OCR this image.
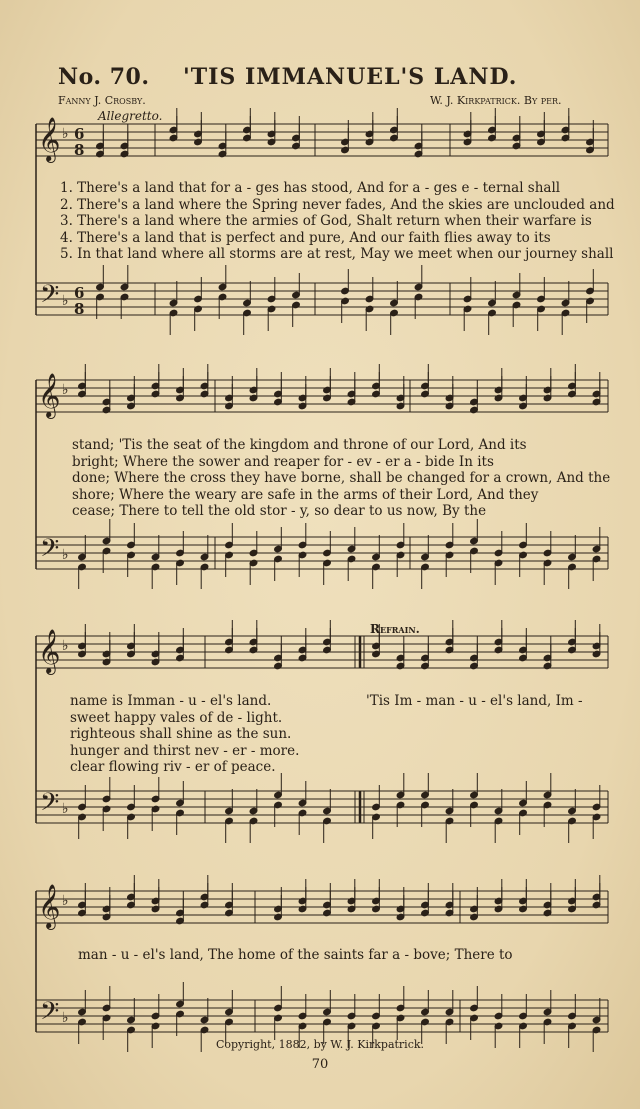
𝄞
𝄢
♭
♭
6
8
6
8
𝄞
𝄢
♭
♭
𝄞
𝄢
♭
♭
𝄞
𝄢
♭
♭
No. 70. 'TIS IMMANUEL'S LAND.
Fanny J. Crosby.	W. J. Kirkpatrick. By per.
Allegretto.
1. There's a land that for a - ges has stood, And for a - ges e - ternal shall
2. There's a land where the Spring never fades, And the skies are unclouded and
3. There's a land where the armies of God, Shalt return when their warfare is
4. There's a land that is perfect and pure, And our faith flies away to its
5. In that land where all storms are at rest, May we meet when our journey shall
stand; 'Tis the seat of the kingdom and throne of our Lord, And its
bright; Where the sower and reaper for - ev - er a - bide In its
done; Where the cross they have borne, shall be changed for a crown, And the
shore; Where the weary are safe in the arms of their Lord, And they
cease; There to tell the old stor - y, so dear to us now, By the
name is Imman - u - el's land.
sweet happy vales of de - light.
righteous shall shine as the sun.
hunger and thirst nev - er - more.
clear flowing riv - er of peace.
Refrain.
'Tis Im - man - u - el's land, Im -
man - u - el's land, The home of the saints far a - bove; There to
Copyright, 1882, by W. J. Kirkpatrick.
70
